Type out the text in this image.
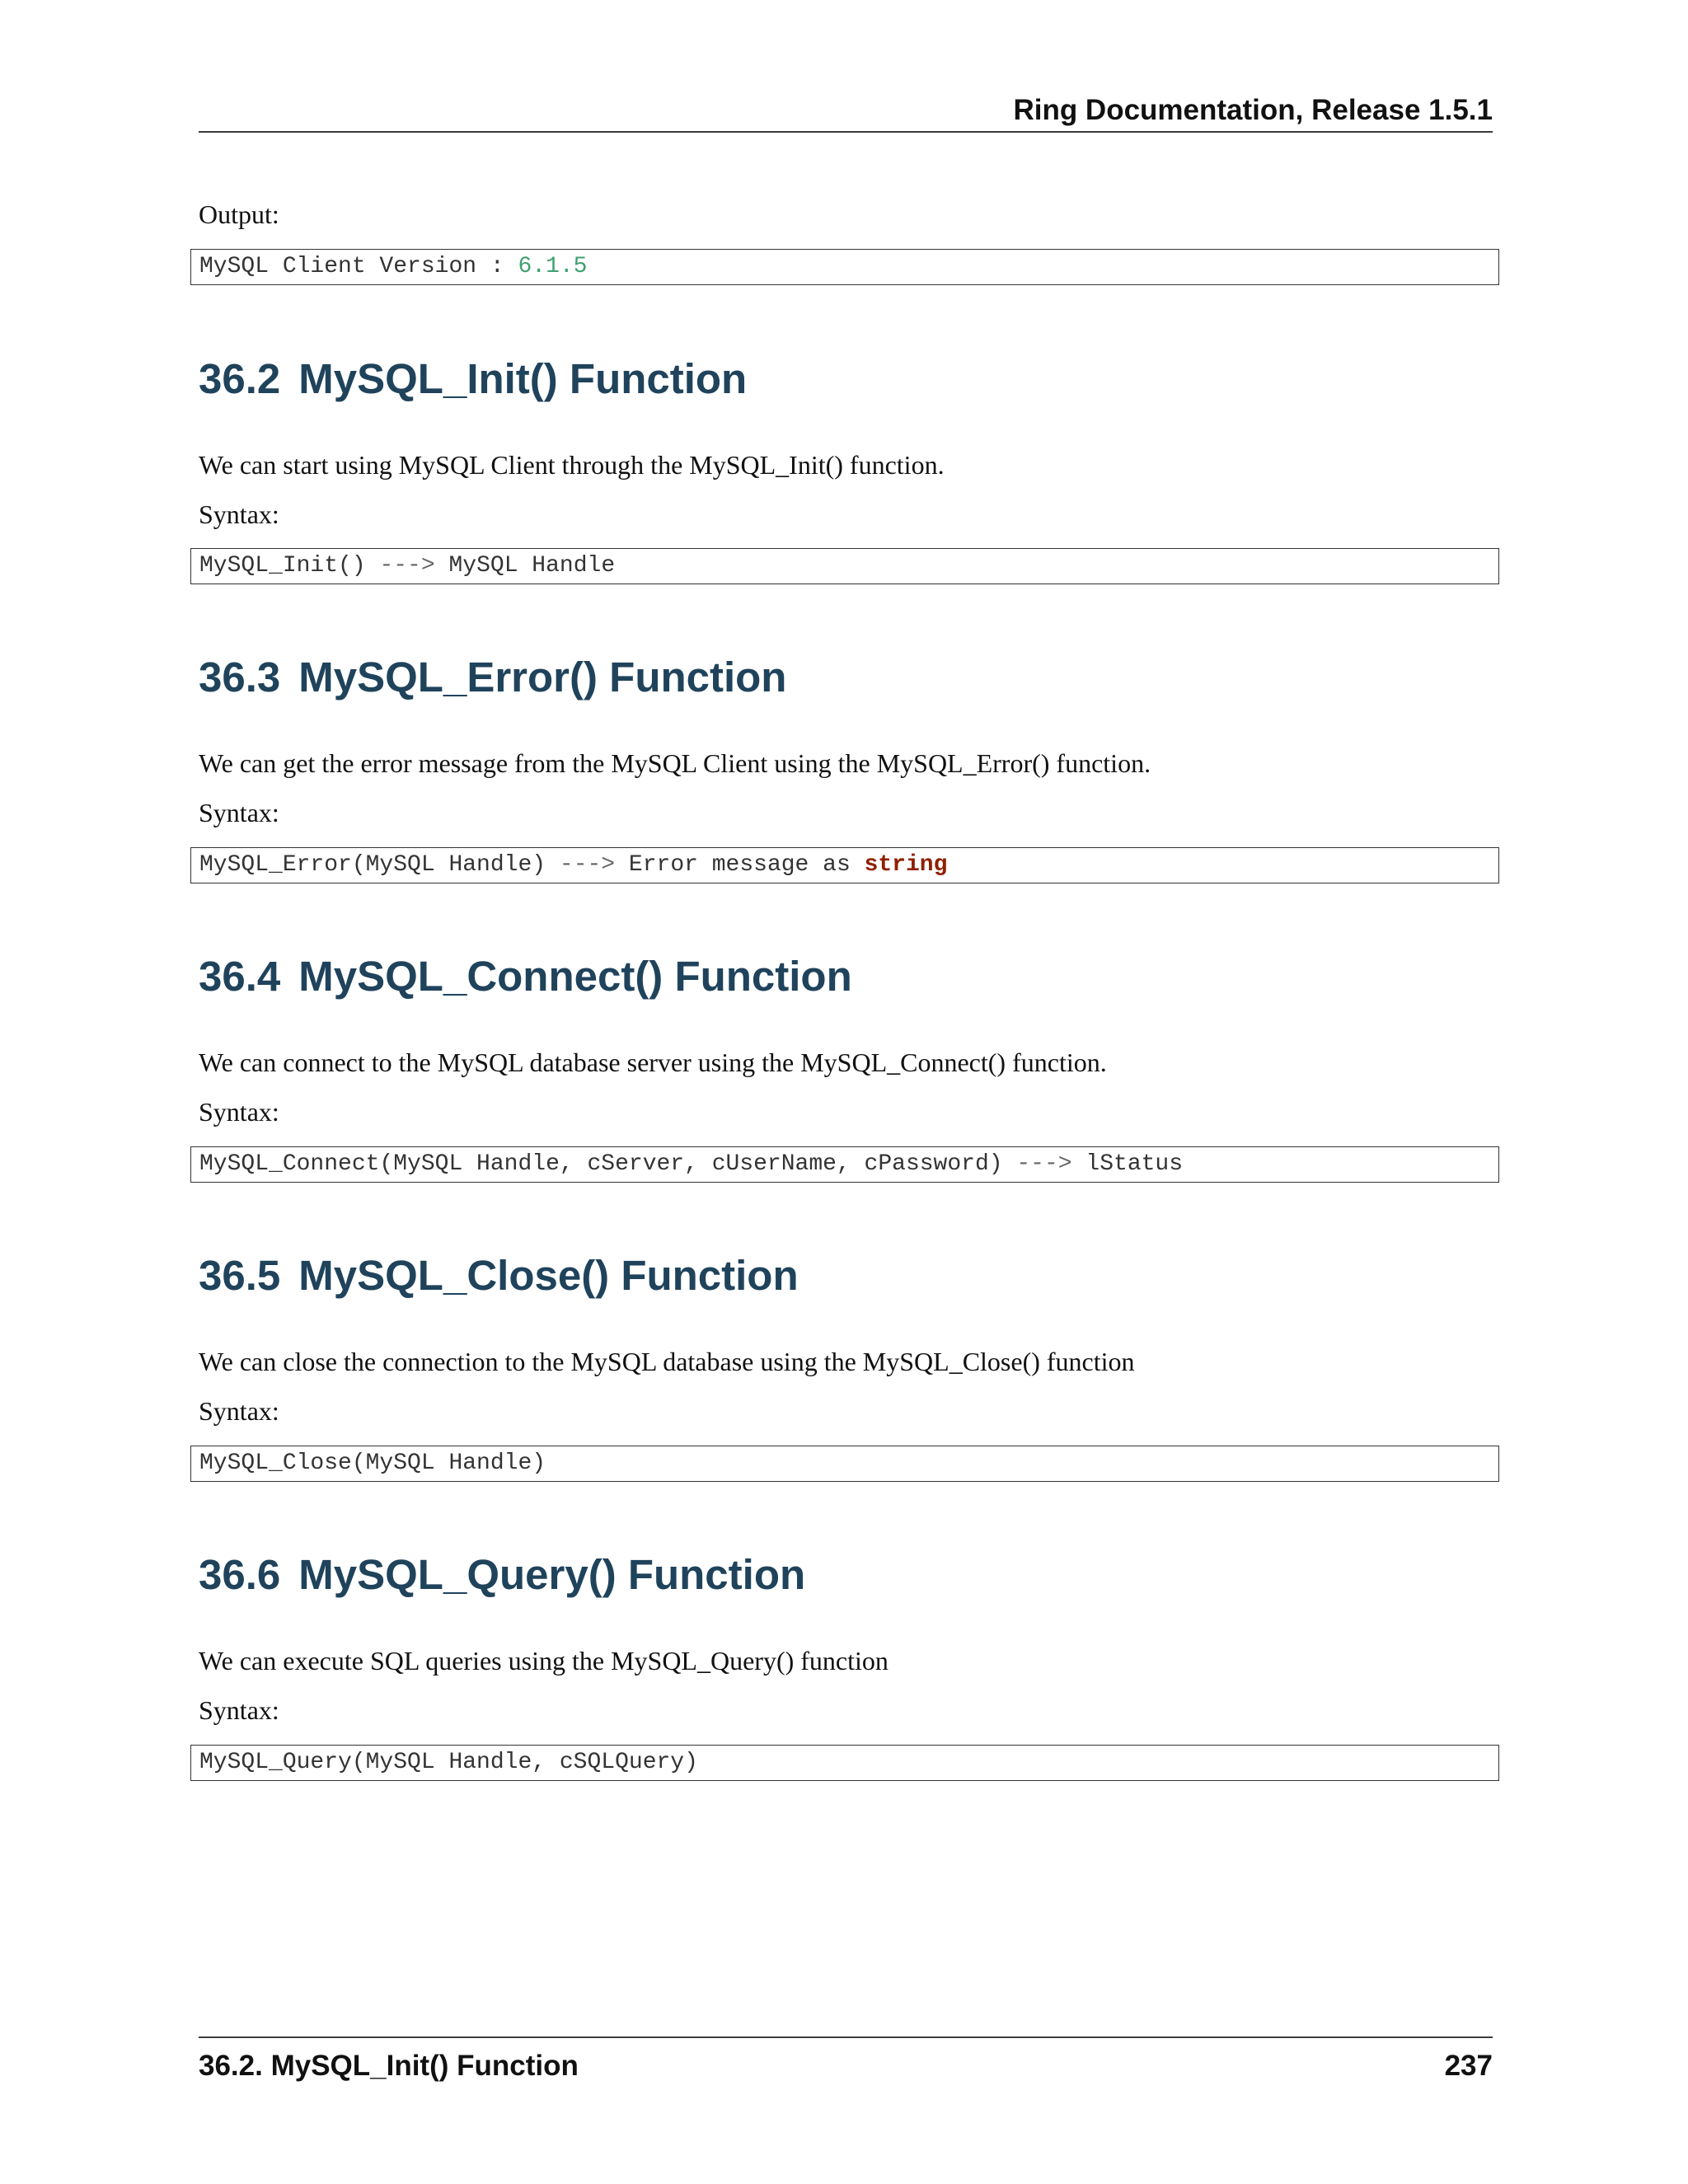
Ring Documentation, Release 1.5.1
Output:
MySQL Client Version : 6.1.5
36.2 MySQL_Init() Function
We can start using MySQL Client through the MySQL_Init() function.
Syntax:
MySQL_Init() ---> MySQL Handle
36.3 MySQL_Error() Function
We can get the error message from the MySQL Client using the MySQL_Error() function.
Syntax:
MySQL_Error(MySQL Handle) ---> Error message as string
36.4 MySQL_Connect() Function
We can connect to the MySQL database server using the MySQL_Connect() function.
Syntax:
MySQL_Connect(MySQL Handle, cServer, cUserName, cPassword) ---> lStatus
36.5 MySQL_Close() Function
We can close the connection to the MySQL database using the MySQL_Close() function
Syntax:
MySQL_Close(MySQL Handle)
36.6 MySQL_Query() Function
We can execute SQL queries using the MySQL_Query() function
Syntax:
MySQL_Query(MySQL Handle, cSQLQuery)
36.2. MySQL_Init() Function	237
